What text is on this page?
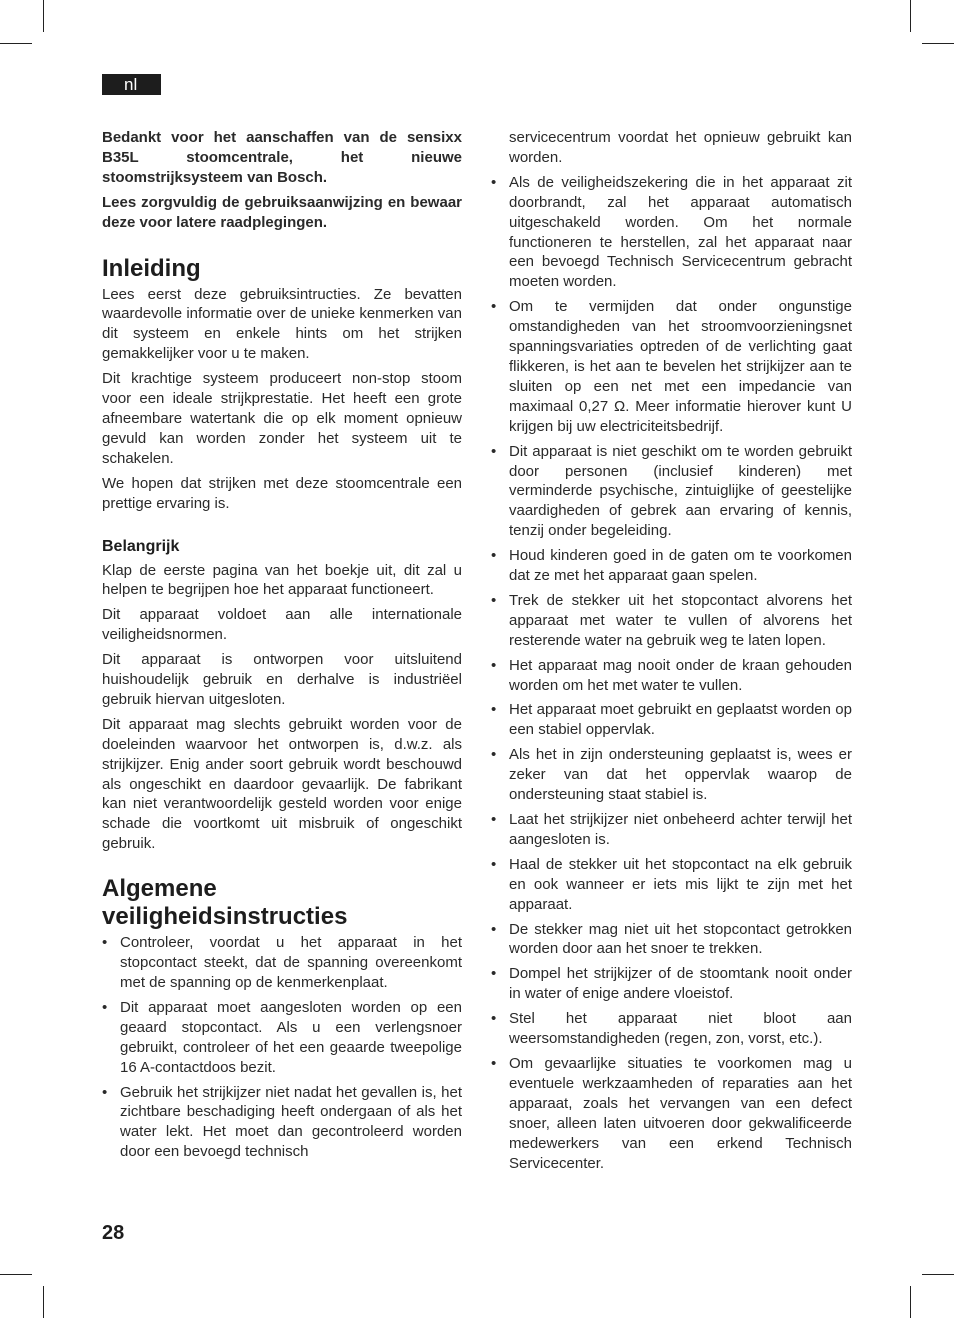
nl

Bedankt voor het aanschaffen van de sensixx B35L stoomcentrale, het nieuwe stoomstrijksysteem van Bosch.

Lees zorgvuldig de gebruiksaanwijzing en bewaar deze voor latere raadplegingen.

Inleiding

Lees eerst deze gebruiksintructies. Ze bevatten waardevolle informatie over de unieke kenmerken van dit systeem en enkele hints om het strijken gemakkelijker voor u te maken.

Dit krachtige systeem produceert non-stop stoom voor een ideale strijkprestatie. Het heeft een grote afneembare watertank die op elk moment opnieuw gevuld kan worden zonder het systeem uit te schakelen.

We hopen dat strijken met deze stoomcentrale een prettige ervaring is.

Belangrijk

Klap de eerste pagina van het boekje uit, dit zal u helpen te begrijpen hoe het apparaat functioneert.

Dit apparaat voldoet aan alle internationale veiligheidsnormen.

Dit apparaat is ontworpen voor uitsluitend huishoudelijk gebruik en derhalve is industriëel gebruik hiervan uitgesloten.

Dit apparaat mag slechts gebruikt worden voor de doeleinden waarvoor het ontworpen is, d.w.z. als strijkijzer. Enig ander soort gebruik wordt beschouwd als ongeschikt en daardoor gevaarlijk. De fabrikant kan niet verantwoordelijk gesteld worden voor enige schade die voortkomt uit misbruik of ongeschikt gebruik.

Algemene
veiligheidsinstructies
• Controleer, voordat u het apparaat in het stopcontact steekt, dat de spanning overeenkomt met de spanning op de kenmerkenplaat.
• Dit apparaat moet aangesloten worden op een geaard stopcontact. Als u een verlengsnoer gebruikt, controleer of het een geaarde tweepolige 16 A-contactdoos bezit.
• Gebruik het strijkijzer niet nadat het gevallen is, het zichtbare beschadiging heeft ondergaan of als het water lekt. Het moet dan gecontroleerd worden door een bevoegd technisch

servicecentrum voordat het opnieuw gebruikt kan worden.

• Als de veiligheidszekering die in het apparaat zit doorbrandt, zal het apparaat automatisch uitgeschakeld worden. Om het normale functioneren te herstellen, zal het apparaat naar een bevoegd Technisch Servicecentrum gebracht moeten worden.
• Om te vermijden dat onder ongunstige omstandigheden van het stroomvoorzieningsnet spanningsvariaties optreden of de verlichting gaat flikkeren, is het aan te bevelen het strijkijzer aan te sluiten op een net met een impedancie van maximaal 0,27 Ω. Meer informatie hierover kunt U krijgen bij uw electriciteitsbedrijf.
• Dit apparaat is niet geschikt om te worden gebruikt door personen (inclusief kinderen) met verminderde psychische, zintuiglijke of geestelijke vaardigheden of gebrek aan ervaring of kennis, tenzij onder begeleiding.
• Houd kinderen goed in de gaten om te voorkomen dat ze met het apparaat gaan spelen.
• Trek de stekker uit het stopcontact alvorens het apparaat met water te vullen of alvorens het resterende water na gebruik weg te laten lopen.
• Het apparaat mag nooit onder de kraan gehouden worden om het met water te vullen.
• Het apparaat moet gebruikt en geplaatst worden op een stabiel oppervlak.
• Als het in zijn ondersteuning geplaatst is, wees er zeker van dat het oppervlak waarop de ondersteuning staat stabiel is.
• Laat het strijkijzer niet onbeheerd achter terwijl het aangesloten is.
• Haal de stekker uit het stopcontact na elk gebruik en ook wanneer er iets mis lijkt te zijn met het apparaat.
• De stekker mag niet uit het stopcontact getrokken worden door aan het snoer te trekken.
• Dompel het strijkijzer of de stoomtank nooit onder in water of enige andere vloeistof.
• Stel het apparaat niet bloot aan weersomstandigheden (regen, zon, vorst, etc.).
• Om gevaarlijke situaties te voorkomen mag u eventuele werkzaamheden of reparaties aan het apparaat, zoals het vervangen van een defect snoer, alleen laten uitvoeren door gekwalificeerde medewerkers van een erkend Technisch Servicecenter.
28
